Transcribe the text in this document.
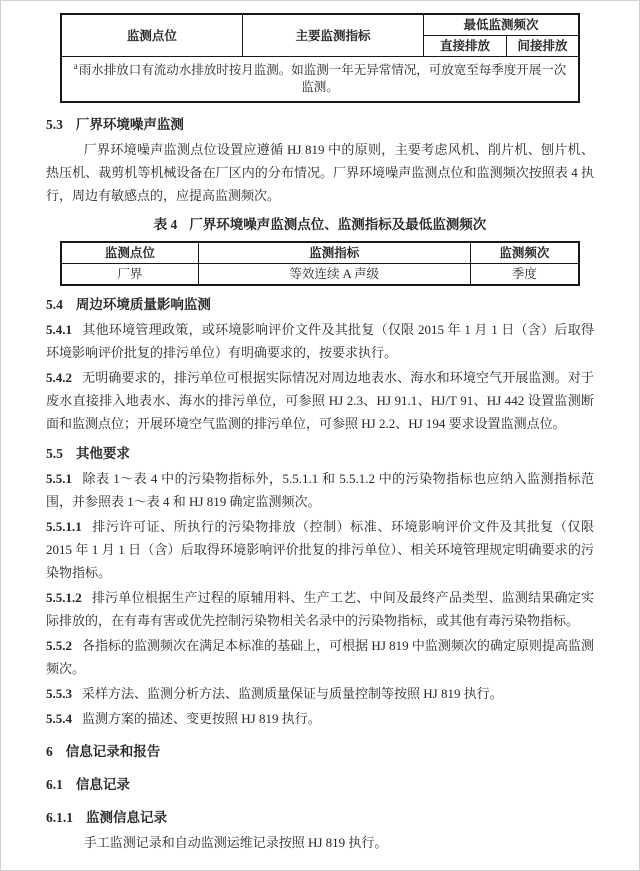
监测点位	主要监测指标	最低监测频次	
		直接排放	间接排放
$^a$雨水排放口有流动水排放时按月监测。如监测一年无异常情况，可放宽至每季度开展一次监测。			

5.3 厂界环境噪声监测

厂界环境噪声监测点位设置应遵循 HJ 819 中的原则，主要考虑风机、削片机、刨片机、热压机、裁剪机等机械设备在厂区内的分布情况。厂界环境噪声监测点位和监测频次按照表 4 执行，周边有敏感点的，应提高监测频次。

表 4 厂界环境噪声监测点位、监测指标及最低监测频次

监测点位	监测指标	监测频次
厂界	等效连续 A 声级	季度

5.4 周边环境质量影响监测

5.4.1 其他环境管理政策，或环境影响评价文件及其批复（仅限 2015 年 1 月 1 日（含）后取得环境影响评价批复的排污单位）有明确要求的，按要求执行。

5.4.2 无明确要求的，排污单位可根据实际情况对周边地表水、海水和环境空气开展监测。对于废水直接排入地表水、海水的排污单位，可参照 HJ 2.3、HJ 91.1、HJ/T 91、HJ 442 设置监测断面和监测点位；开展环境空气监测的排污单位，可参照 HJ 2.2、HJ 194 要求设置监测点位。

5.5 其他要求

5.5.1 除表 1～表 4 中的污染物指标外，5.5.1.1 和 5.5.1.2 中的污染物指标也应纳入监测指标范围，并参照表 1～表 4 和 HJ 819 确定监测频次。

5.5.1.1 排污许可证、所执行的污染物排放（控制）标准、环境影响评价文件及其批复（仅限 2015 年 1 月 1 日（含）后取得环境影响评价批复的排污单位）、相关环境管理规定明确要求的污染物指标。

5.5.1.2 排污单位根据生产过程的原辅用料、生产工艺、中间及最终产品类型、监测结果确定实际排放的，在有毒有害或优先控制污染物相关名录中的污染物指标，或其他有毒污染物指标。

5.5.2 各指标的监测频次在满足本标准的基础上，可根据 HJ 819 中监测频次的确定原则提高监测频次。

5.5.3 采样方法、监测分析方法、监测质量保证与质量控制等按照 HJ 819 执行。

5.5.4 监测方案的描述、变更按照 HJ 819 执行。

6 信息记录和报告

6.1 信息记录

6.1.1 监测信息记录

手工监测记录和自动监测运维记录按照 HJ 819 执行。
